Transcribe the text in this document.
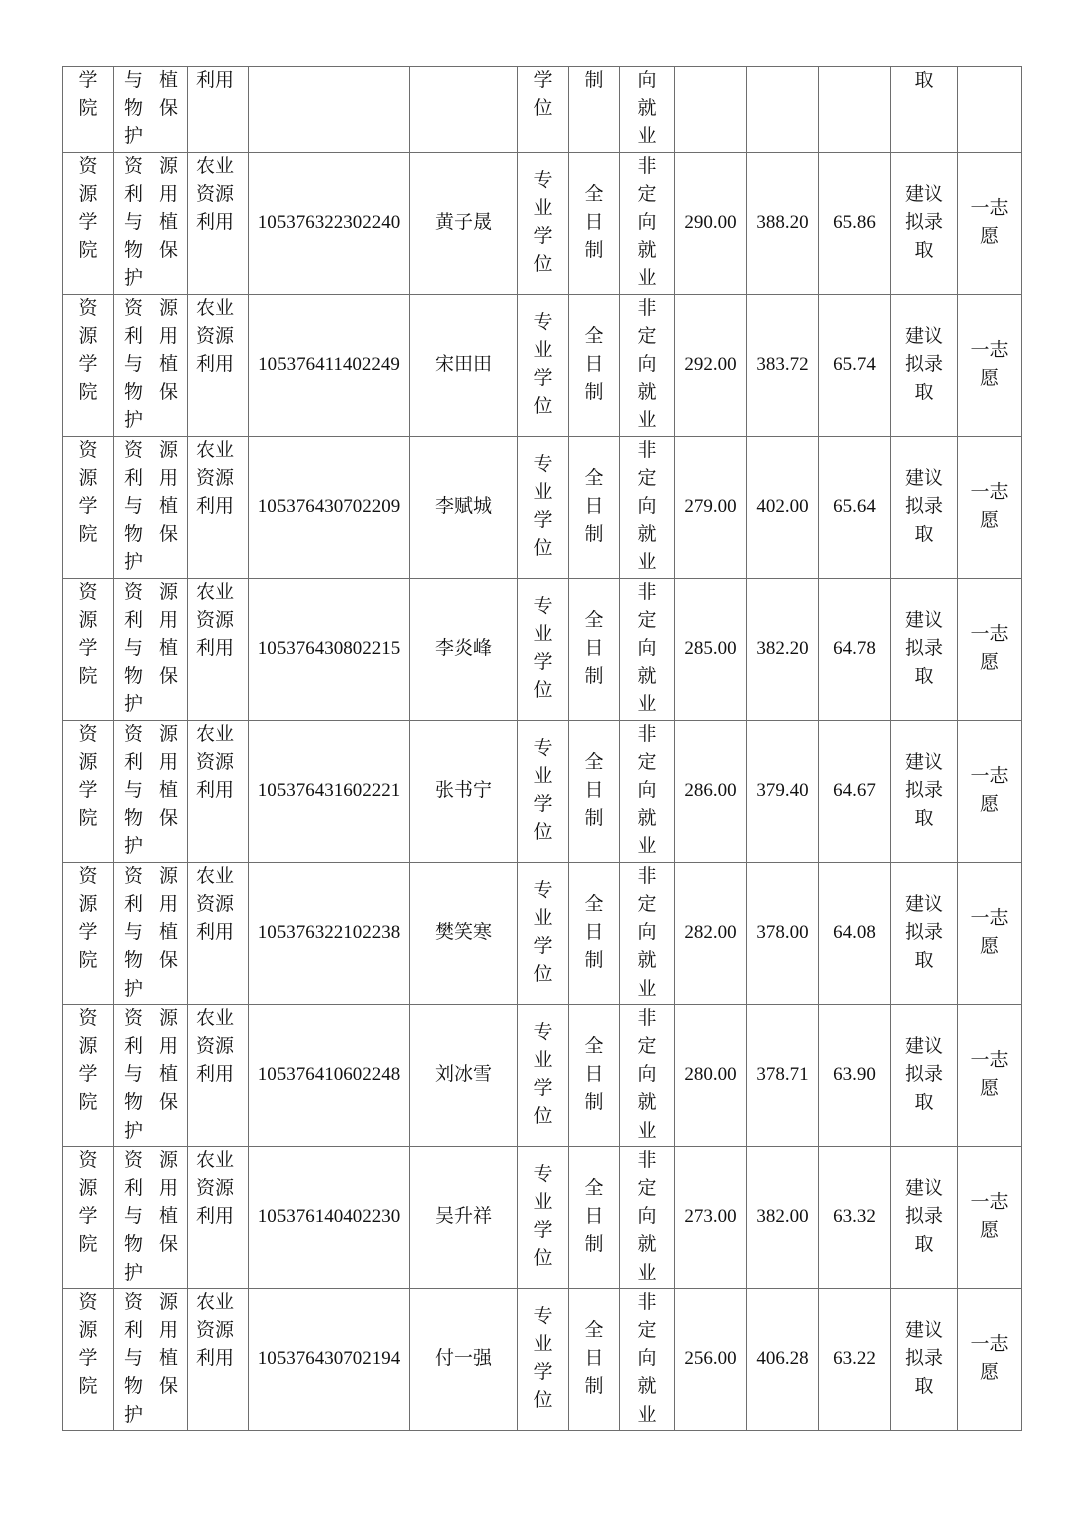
学院	与植物保护	利用			学位	制	向就业				取	
资源学院	资源利用与植物保护	农业资源利用	105376322302240	黄子晟	专业学位	全日制	非定向就业	290.00	388.20	65.86	建议拟录取	一志愿
资源学院	资源利用与植物保护	农业资源利用	105376411402249	宋田田	专业学位	全日制	非定向就业	292.00	383.72	65.74	建议拟录取	一志愿
资源学院	资源利用与植物保护	农业资源利用	105376430702209	李赋城	专业学位	全日制	非定向就业	279.00	402.00	65.64	建议拟录取	一志愿
资源学院	资源利用与植物保护	农业资源利用	105376430802215	李炎峰	专业学位	全日制	非定向就业	285.00	382.20	64.78	建议拟录取	一志愿
资源学院	资源利用与植物保护	农业资源利用	105376431602221	张书宁	专业学位	全日制	非定向就业	286.00	379.40	64.67	建议拟录取	一志愿
资源学院	资源利用与植物保护	农业资源利用	105376322102238	樊笑寒	专业学位	全日制	非定向就业	282.00	378.00	64.08	建议拟录取	一志愿
资源学院	资源利用与植物保护	农业资源利用	105376410602248	刘冰雪	专业学位	全日制	非定向就业	280.00	378.71	63.90	建议拟录取	一志愿
资源学院	资源利用与植物保护	农业资源利用	105376140402230	吴升祥	专业学位	全日制	非定向就业	273.00	382.00	63.32	建议拟录取	一志愿
资源学院	资源利用与植物保护	农业资源利用	105376430702194	付一强	专业学位	全日制	非定向就业	256.00	406.28	63.22	建议拟录取	一志愿
